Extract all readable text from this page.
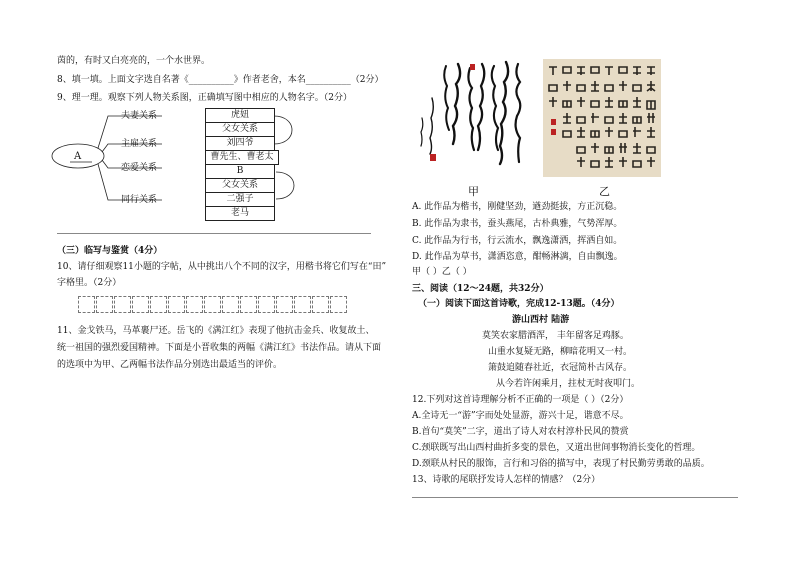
茵的，有时又白亮亮的，一个水世界。
8、填一填。上面文字选自名著《__________》作者老舍，本名__________（2分）
9、理一理。观察下列人物关系图，正确填写图中相应的人物名字。（2分）
夫妻关系
主雇关系
恋爱关系
同行关系
A
虎妞
父女关系
刘四爷
曹先生、曹老太
B
父女关系
二强子
老马
（三）临写与鉴赏（4分）
10、请仔细观察11小题的字帖，从中挑出八个不同的汉字，用楷书将它们写在“田”
字格里。（2分）
11、金戈铁马，马革裹尸还。岳飞的《满江红》表现了他抗击金兵、收复故土、
统一祖国的强烈爱国精神。下面是小晋收集的两幅《满江红》书法作品。请从下面
的选项中为甲、乙两幅书法作品分别选出最适当的评价。
甲	乙
A. 此作品为楷书，刚健坚劲，遒劲挺拔，方正沉稳。
B. 此作品为隶书，蚕头燕尾，古朴典雅，气势浑厚。
C. 此作品为行书，行云流水，飘逸潇洒，挥洒自如。
D. 此作品为草书，潇洒恣意，酣畅淋漓，自由飘逸。
甲（ ）乙（ ）
三、阅读（12～24题，共32分）
（一）阅读下面这首诗歌，完成12-13题。（4分）
游山西村 陆游
莫笑农家腊酒浑， 丰年留客足鸡豚。
山重水复疑无路，柳暗花明又一村。
箫鼓追随春社近，衣冠简朴古风存。
从今若许闲乘月，拄杖无时夜叩门。
12.下列对这首诗理解分析不正确的一项是（ ）（2分）
A.全诗无一“游”字而处处显游，游兴十足，谐意不尽。
B.首句“莫笑”二字，道出了诗人对农村淳朴民风的赞赏
C.颈联既写出山西村曲折多变的景色，又道出世间事物消长变化的哲理。
D.颈联从村民的服饰，言行和习俗的描写中，表现了村民勤劳勇敢的品质。
13、诗歌的尾联抒发诗人怎样的情感？（2分）
